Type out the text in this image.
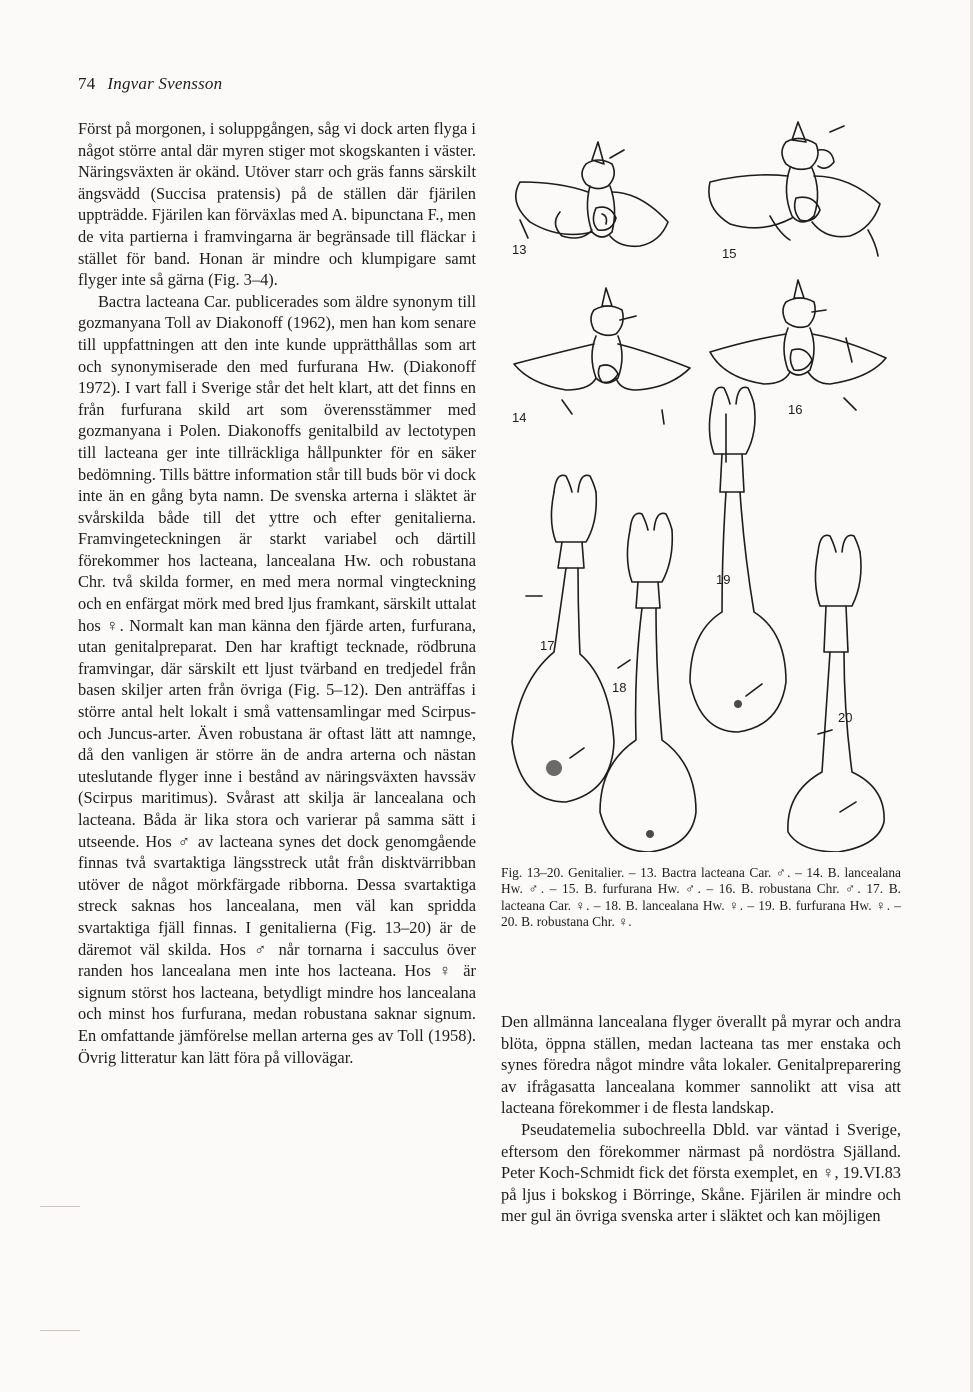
74 Ingvar Svensson

Först på morgonen, i soluppgången, såg vi dock arten flyga i något större antal där myren stiger mot skogskanten i väster. Näringsväxten är okänd. Utöver starr och gräs fanns särskilt ängsvädd (Succisa pratensis) på de ställen där fjärilen uppträdde. Fjärilen kan förväxlas med A. bipunctana F., men de vita partierna i framvingarna är begränsade till fläckar i stället för band. Honan är mindre och klumpigare samt flyger inte så gärna (Fig. 3–4).

Bactra lacteana Car. publicerades som äldre synonym till gozmanyana Toll av Diakonoff (1962), men han kom senare till uppfattningen att den inte kunde upprätthållas som art och synonymiserade den med furfurana Hw. (Diakonoff 1972). I vart fall i Sverige står det helt klart, att det finns en från furfurana skild art som överensstämmer med gozmanyana i Polen. Diakonoffs genitalbild av lectotypen till lacteana ger inte tillräckliga hållpunkter för en säker bedömning. Tills bättre information står till buds bör vi dock inte än en gång byta namn. De svenska arterna i släktet är svårskilda både till det yttre och efter genitalierna. Framvingeteckningen är starkt variabel och därtill förekommer hos lacteana, lancealana Hw. och robustana Chr. två skilda former, en med mera normal vingteckning och en enfärgat mörk med bred ljus framkant, särskilt uttalat hos ♀. Normalt kan man känna den fjärde arten, furfurana, utan genitalpreparat. Den har kraftigt tecknade, rödbruna framvingar, där särskilt ett ljust tvärband en tredjedel från basen skiljer arten från övriga (Fig. 5–12). Den anträffas i större antal helt lokalt i små vattensamlingar med Scirpus- och Juncus-arter. Även robustana är oftast lätt att namnge, då den vanligen är större än de andra arterna och nästan uteslutande flyger inne i bestånd av näringsväxten havssäv (Scirpus maritimus). Svårast att skilja är lancealana och lacteana. Båda är lika stora och varierar på samma sätt i utseende. Hos ♂ av lacteana synes det dock genomgående finnas två svartaktiga längsstreck utåt från disktvärribban utöver de något mörkfärgade ribborna. Dessa svartaktiga streck saknas hos lancealana, men väl kan spridda svartaktiga fjäll finnas. I genitalierna (Fig. 13–20) är de däremot väl skilda. Hos ♂ når tornarna i sacculus över randen hos lancealana men inte hos lacteana. Hos ♀ är signum störst hos lacteana, betydligt mindre hos lancealana och minst hos furfurana, medan robustana saknar signum. En omfattande jämförelse mellan arterna ges av Toll (1958). Övrig litteratur kan lätt föra på villovägar.

13
14
15
16
17
18
19
20
Fig. 13–20. Genitalier. – 13. Bactra lacteana Car. ♂. – 14. B. lancealana Hw. ♂. – 15. B. furfurana Hw. ♂. – 16. B. robustana Chr. ♂. 17. B. lacteana Car. ♀. – 18. B. lancealana Hw. ♀. – 19. B. furfurana Hw. ♀. – 20. B. robustana Chr. ♀.

Den allmänna lancealana flyger överallt på myrar och andra blöta, öppna ställen, medan lacteana tas mer enstaka och synes föredra något mindre våta lokaler. Genitalpreparering av ifrågasatta lancealana kommer sannolikt att visa att lacteana förekommer i de flesta landskap.

Pseudatemelia subochreella Dbld. var väntad i Sverige, eftersom den förekommer närmast på nordöstra Själland. Peter Koch-Schmidt fick det första exemplet, en ♀, 19.VI.83 på ljus i bokskog i Börringe, Skåne. Fjärilen är mindre och mer gul än övriga svenska arter i släktet och kan möjligen
